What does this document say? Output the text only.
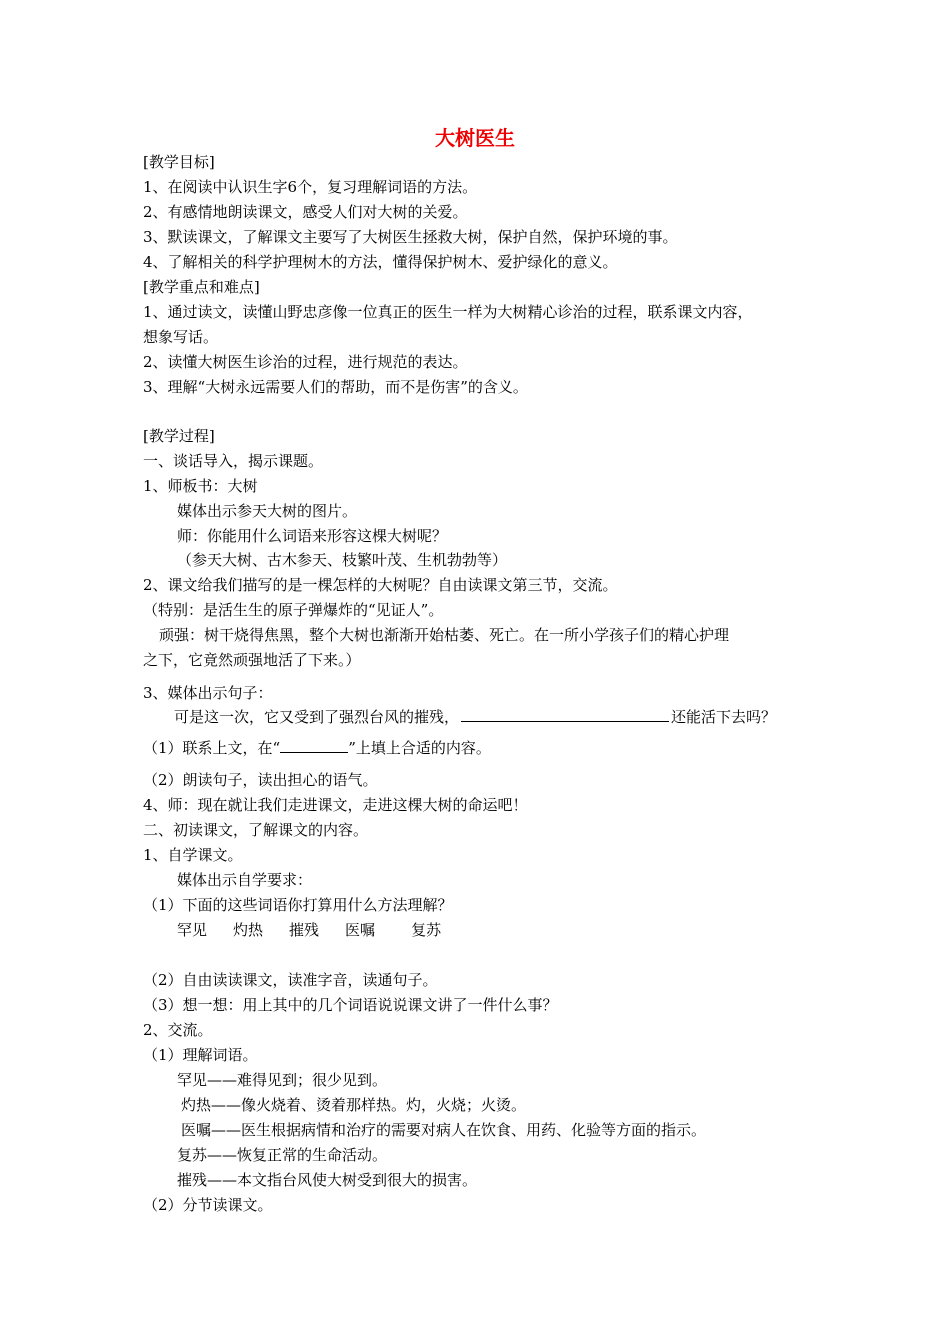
大树医生
[教学目标]
1、在阅读中认识生字6个，复习理解词语的方法。
2、有感情地朗读课文，感受人们对大树的关爱。
3、默读课文，了解课文主要写了大树医生拯救大树，保护自然，保护环境的事。
4、了解相关的科学护理树木的方法，懂得保护树木、爱护绿化的意义。
[教学重点和难点]
1、通过读文，读懂山野忠彦像一位真正的医生一样为大树精心诊治的过程，联系课文内容，
想象写话。
2、读懂大树医生诊治的过程，进行规范的表达。
3、理解“大树永远需要人们的帮助，而不是伤害”的含义。
[教学过程]
一、谈话导入，揭示课题。
1、师板书：大树
媒体出示参天大树的图片。
师：你能用什么词语来形容这棵大树呢？
（参天大树、古木参天、枝繁叶茂、生机勃勃等）
2、课文给我们描写的是一棵怎样的大树呢？自由读课文第三节，交流。
（特别：是活生生的原子弹爆炸的“见证人”。
顽强：树干烧得焦黑，整个大树也渐渐开始枯萎、死亡。在一所小学孩子们的精心护理
之下，它竟然顽强地活了下来。）
3、媒体出示句子：
可是这一次，它又受到了强烈台风的摧残，	还能活下去吗？
（1）联系上文，在“	”上填上合适的内容。
（2）朗读句子，读出担心的语气。
4、师：现在就让我们走进课文，走进这棵大树的命运吧！
二、初读课文，了解课文的内容。
1、自学课文。
媒体出示自学要求：
（1）下面的这些词语你打算用什么方法理解？
罕见 灼热 摧残 医嘱 复苏
（2）自由读读课文，读准字音，读通句子。
（3）想一想：用上其中的几个词语说说课文讲了一件什么事？
2、交流。
（1）理解词语。
罕见——难得见到；很少见到。
灼热——像火烧着、烫着那样热。灼，火烧；火烫。
医嘱——医生根据病情和治疗的需要对病人在饮食、用药、化验等方面的指示。
复苏——恢复正常的生命活动。
摧残——本文指台风使大树受到很大的损害。
（2）分节读课文。
